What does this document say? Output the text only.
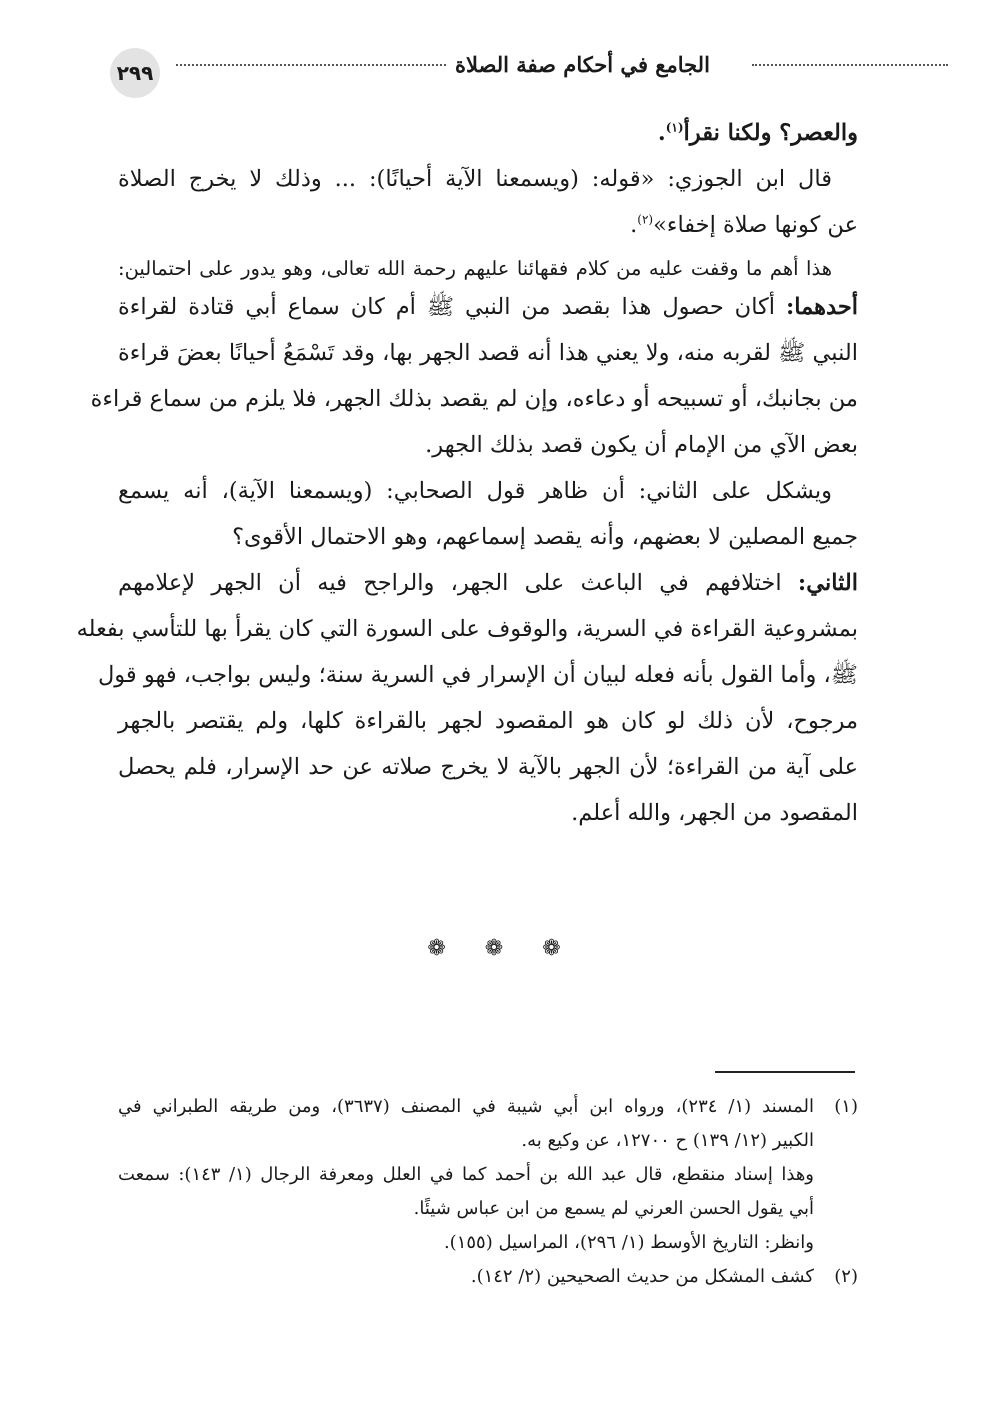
٢٩٩	الجامع في أحكام صفة الصلاة
والعصر؟ ولكنا نقرأ$^{(١)}$.
قال ابن الجوزي: «قوله: (ويسمعنا الآية أحيانًا): ... وذلك لا يخرج الصلاة
عن كونها صلاة إخفاء»$^{(٢)}$.
هذا أهم ما وقفت عليه من كلام فقهائنا عليهم رحمة الله تعالى، وهو يدور على احتمالين:
أحدهما: أكان حصول هذا بقصد من النبي ﷺ أم كان سماع أبي قتادة لقراءة
النبي ﷺ لقربه منه، ولا يعني هذا أنه قصد الجهر بها، وقد تَسْمَعُ أحيانًا بعضَ قراءة
من بجانبك، أو تسبيحه أو دعاءه، وإن لم يقصد بذلك الجهر، فلا يلزم من سماع قراءة
بعض الآي من الإمام أن يكون قصد بذلك الجهر.
ويشكل على الثاني: أن ظاهر قول الصحابي: (ويسمعنا الآية)، أنه يسمع
جميع المصلين لا بعضهم، وأنه يقصد إسماعهم، وهو الاحتمال الأقوى؟
الثاني: اختلافهم في الباعث على الجهر، والراجح فيه أن الجهر لإعلامهم
بمشروعية القراءة في السرية، والوقوف على السورة التي كان يقرأ بها للتأسي بفعله
ﷺ، وأما القول بأنه فعله لبيان أن الإسرار في السرية سنة؛ وليس بواجب، فهو قول
مرجوح، لأن ذلك لو كان هو المقصود لجهر بالقراءة كلها، ولم يقتصر بالجهر
على آية من القراءة؛ لأن الجهر بالآية لا يخرج صلاته عن حد الإسرار، فلم يحصل
المقصود من الجهر، والله أعلم.
❁ ❁ ❁
(١)
المسند (١/ ٢٣٤)، ورواه ابن أبي شيبة في المصنف (٣٦٣٧)، ومن طريقه الطبراني في
الكبير (١٢/ ١٣٩) ح ١٢٧٠٠، عن وكيع به.
وهذا إسناد منقطع، قال عبد الله بن أحمد كما في العلل ومعرفة الرجال (١/ ١٤٣): سمعت
أبي يقول الحسن العرني لم يسمع من ابن عباس شيئًا.
وانظر: التاريخ الأوسط (١/ ٢٩٦)، المراسيل (١٥٥).
(٢)
كشف المشكل من حديث الصحيحين (٢/ ١٤٢).
